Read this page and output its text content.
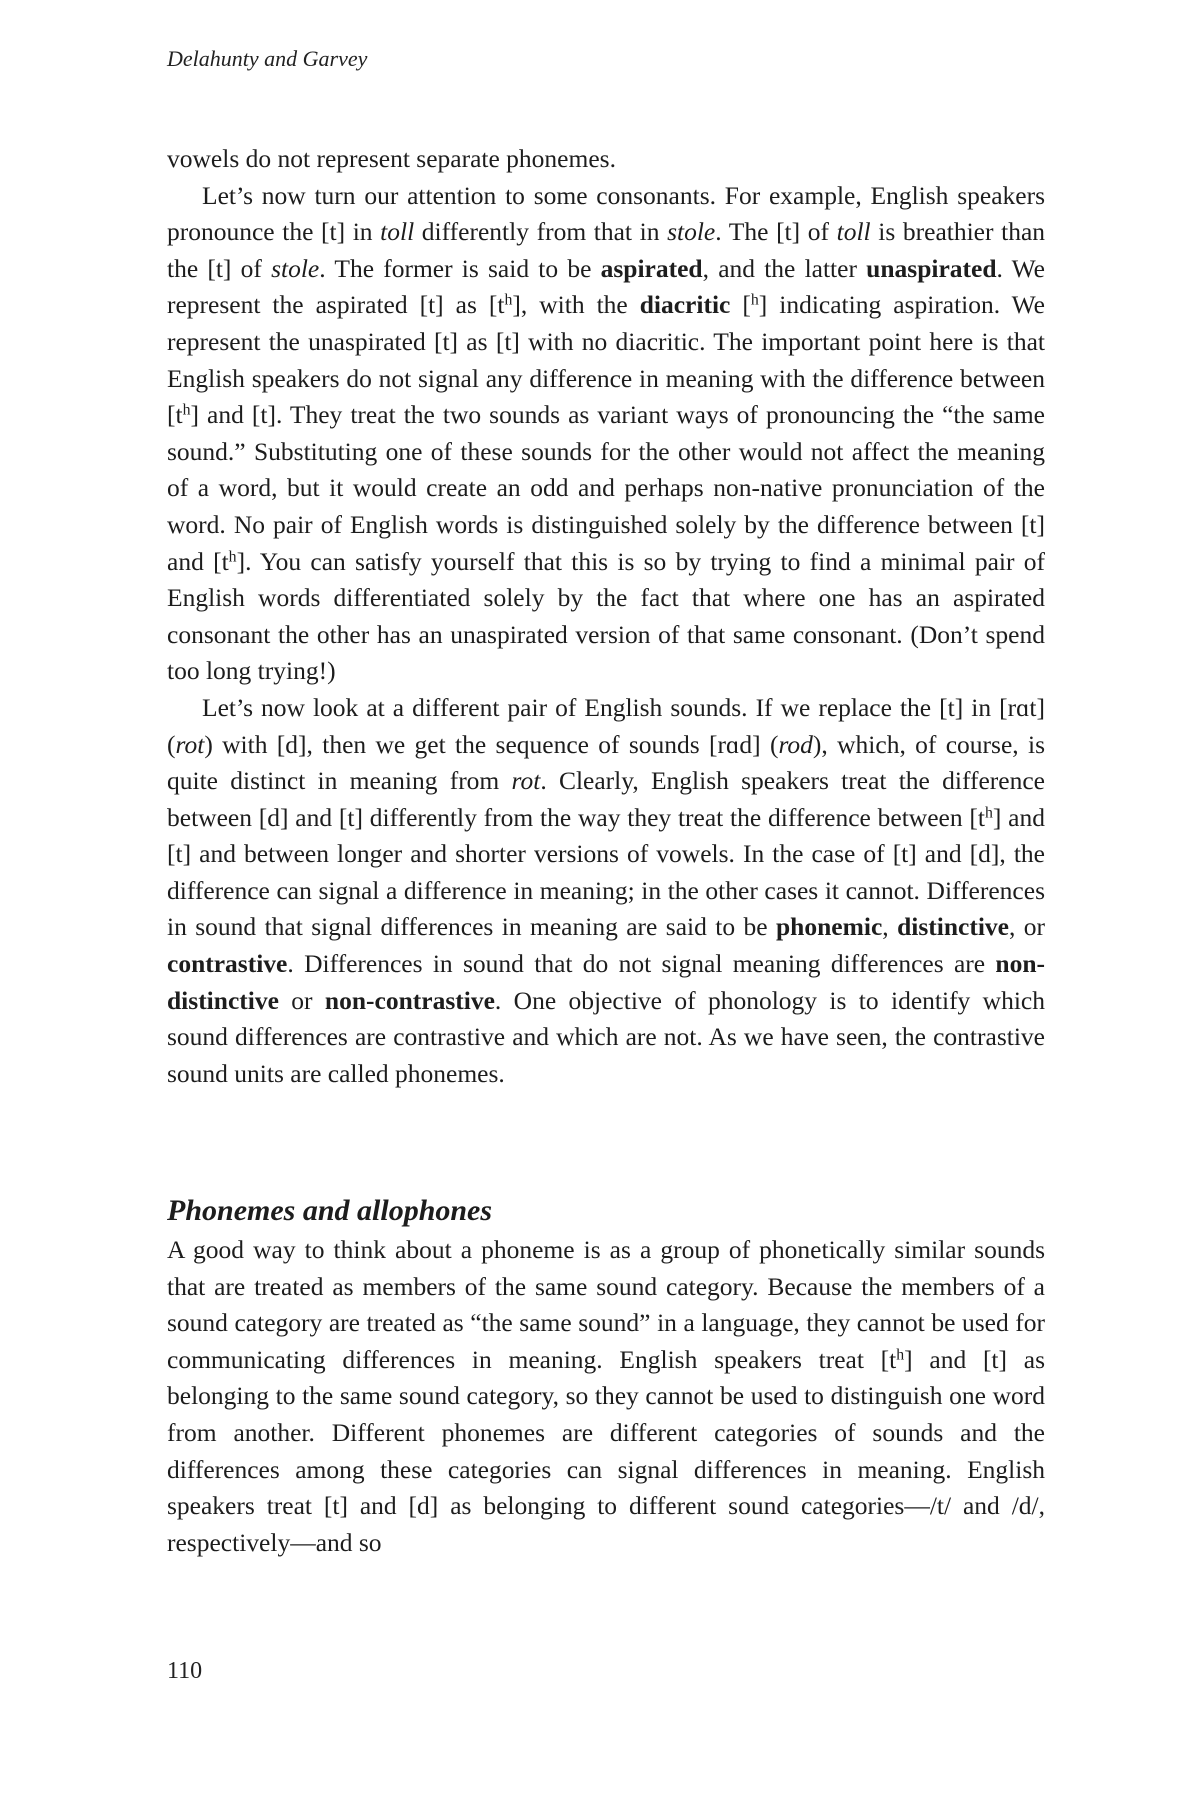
Delahunty and Garvey

vowels do not represent separate phonemes.

Let’s now turn our attention to some consonants. For example, English speakers pronounce the [t] in toll differently from that in stole. The [t] of toll is breathier than the [t] of stole. The former is said to be aspirated, and the latter unaspirated. We represent the aspirated [t] as $[t^h]$, with the diacritic [$^h$] indicating aspiration. We represent the unaspirated [t] as [t] with no diacritic. The important point here is that English speakers do not signal any difference in meaning with the difference between $[t^h]$ and [t]. They treat the two sounds as variant ways of pronouncing the “the same sound.” Substituting one of these sounds for the other would not affect the meaning of a word, but it would create an odd and perhaps non-native pronunciation of the word. No pair of English words is distinguished solely by the difference between [t] and $[t^h]$. You can satisfy yourself that this is so by trying to find a minimal pair of English words differentiated solely by the fact that where one has an aspirated consonant the other has an unaspirated version of that same consonant. (Don’t spend too long trying!)

Let’s now look at a different pair of English sounds. If we replace the [t] in [rɑt] (rot) with [d], then we get the sequence of sounds [rɑd] (rod), which, of course, is quite distinct in meaning from rot. Clearly, English speakers treat the difference between [d] and [t] differently from the way they treat the difference between $[t^h]$ and [t] and between longer and shorter versions of vowels. In the case of [t] and [d], the difference can signal a difference in meaning; in the other cases it cannot. Differences in sound that signal differences in meaning are said to be phonemic, distinctive, or contrastive. Differences in sound that do not signal meaning differences are non-distinctive or non-contrastive. One objective of phonology is to identify which sound differences are contrastive and which are not. As we have seen, the contrastive sound units are called phonemes.

Phonemes and allophones

A good way to think about a phoneme is as a group of phonetically similar sounds that are treated as members of the same sound category. Because the members of a sound category are treated as “the same sound” in a language, they cannot be used for communicating differences in meaning. English speakers treat $[t^h]$ and [t] as belonging to the same sound category, so they cannot be used to distinguish one word from another. Different phonemes are different categories of sounds and the differences among these categories can signal differences in meaning. English speakers treat [t] and [d] as belonging to different sound categories—/t/ and /d/, respectively—and so

110
